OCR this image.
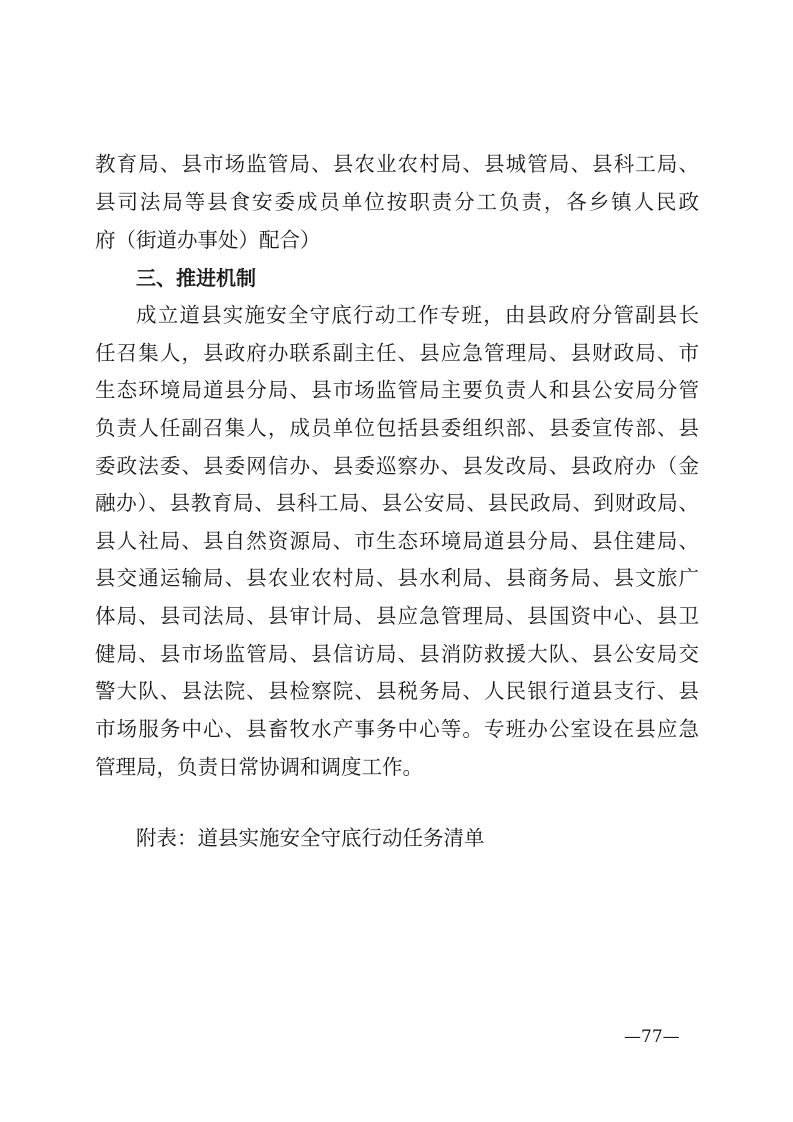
教育局、县市场监管局、县农业农村局、县城管局、县科工局、
县司法局等县食安委成员单位按职责分工负责，各乡镇人民政
府（街道办事处）配合）
三、推进机制
成立道县实施安全守底行动工作专班，由县政府分管副县长
任召集人，县政府办联系副主任、县应急管理局、县财政局、市
生态环境局道县分局、县市场监管局主要负责人和县公安局分管
负责人任副召集人，成员单位包括县委组织部、县委宣传部、县
委政法委、县委网信办、县委巡察办、县发改局、县政府办（金
融办）、县教育局、县科工局、县公安局、县民政局、到财政局、
县人社局、县自然资源局、市生态环境局道县分局、县住建局、
县交通运输局、县农业农村局、县水利局、县商务局、县文旅广
体局、县司法局、县审计局、县应急管理局、县国资中心、县卫
健局、县市场监管局、县信访局、县消防救援大队、县公安局交
警大队、县法院、县检察院、县税务局、人民银行道县支行、县
市场服务中心、县畜牧水产事务中心等。专班办公室设在县应急
管理局，负责日常协调和调度工作。
附表：道县实施安全守底行动任务清单
—77—
